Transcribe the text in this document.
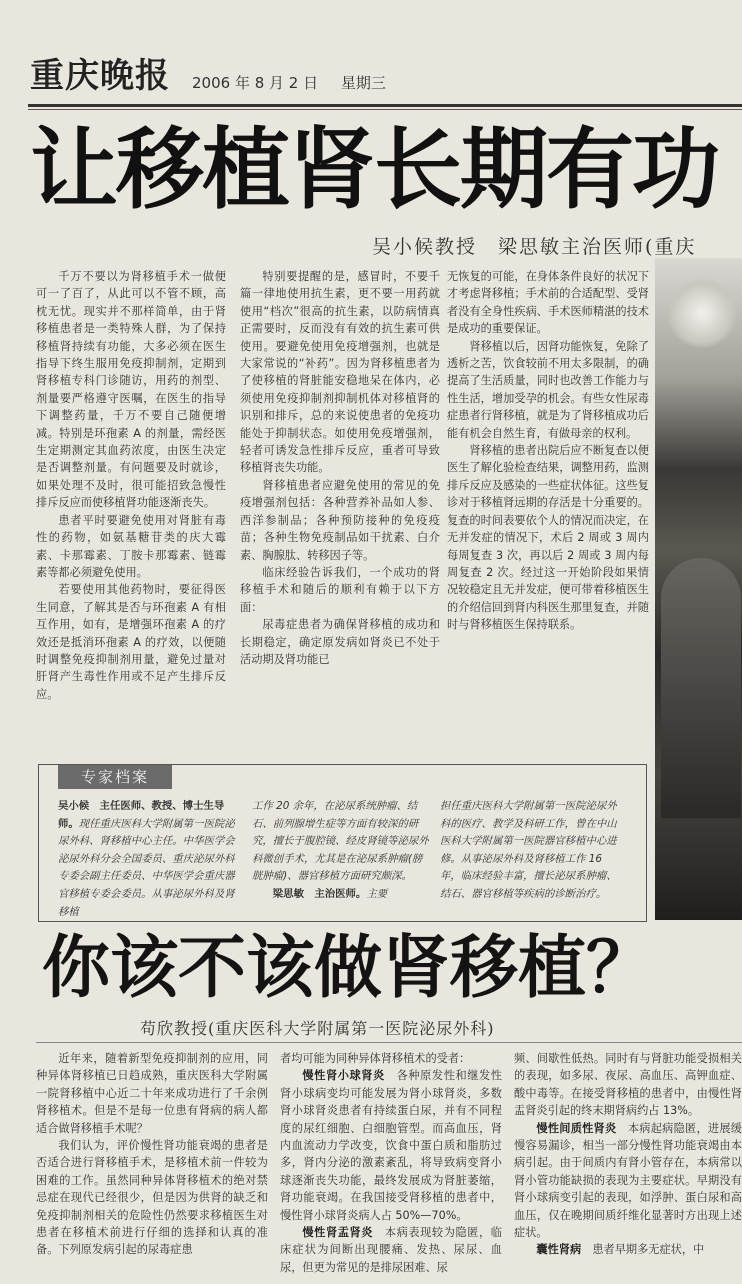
重庆晚报	2006 年 8 月 2 日 星期三
让移植肾长期有功
吴小候教授　梁思敏主治医师(重庆

千万不要以为肾移植手术一做便可一了百了，从此可以不管不顾，高枕无忧。现实并不那样简单，由于肾移植患者是一类特殊人群，为了保持移植肾持续有功能，大多必须在医生指导下终生服用免疫抑制剂，定期到肾移植专科门诊随访，用药的剂型、剂量要严格遵守医嘱，在医生的指导下调整药量，千万不要自己随便增减。特别是环孢素 A 的剂量，需经医生定期测定其血药浓度，由医生决定是否调整剂量。有问题要及时就诊，如果处理不及时，很可能招致急慢性排斥反应而使移植肾功能逐渐丧失。

患者平时要避免使用对肾脏有毒性的药物，如氨基糖苷类的庆大霉素、卡那霉素、丁胺卡那霉素、链霉素等都必须避免使用。

若要使用其他药物时，要征得医生同意，了解其是否与环孢素 A 有相互作用，如有，是增强环孢素 A 的疗效还是抵消环孢素 A 的疗效，以便随时调整免疫抑制剂用量，避免过量对肝肾产生毒性作用或不足产生排斥反应。

特别要提醒的是，感冒时，不要千篇一律地使用抗生素，更不要一用药就使用“档次”很高的抗生素，以防病情真正需要时，反而没有有效的抗生素可供使用。要避免使用免疫增强剂，也就是大家常说的“补药”。因为肾移植患者为了使移植的肾脏能安稳地呆在体内，必须使用免疫抑制剂抑制机体对移植肾的识别和排斥，总的来说使患者的免疫功能处于抑制状态。如使用免疫增强剂，轻者可诱发急性排斥反应，重者可导致移植肾丧失功能。

肾移植患者应避免使用的常见的免疫增强剂包括：各种营养补品如人参、西洋参制品；各种预防接种的免疫疫苗；各种生物免疫制品如干扰素、白介素、胸腺肽、转移因子等。

临床经验告诉我们，一个成功的肾移植手术和随后的顺利有赖于以下方面：

尿毒症患者为确保肾移植的成功和长期稳定，确定原发病如肾炎已不处于活动期及肾功能已

无恢复的可能，在身体条件良好的状况下才考虑肾移植；手术前的合适配型、受肾者没有全身性疾病、手术医师精湛的技术是成功的重要保证。

肾移植以后，因肾功能恢复，免除了透析之苦，饮食较前不用太多限制，的确提高了生活质量，同时也改善工作能力与性生活，增加受孕的机会。有些女性尿毒症患者行肾移植，就是为了肾移植成功后能有机会自然生育，有做母亲的权利。

肾移植的患者出院后应不断复查以便医生了解化验检查结果，调整用药，监测排斥反应及感染的一些症状体征。这些复诊对于移植肾远期的存活是十分重要的。复查的时间表要依个人的情况而决定，在无并发症的情况下，术后 2 周或 3 周内每周复查 3 次，再以后 2 周或 3 周内每周复查 2 次。经过这一开始阶段如果情况较稳定且无并发症，便可带着移植医生的介绍信回到肾内科医生那里复查，并随时与肾移植医生保持联系。

专家档案

吴小候　主任医师、教授、博士生导师。现任重庆医科大学附属第一医院泌尿外科、肾移植中心主任。中华医学会泌尿外科分会全国委员、重庆泌尿外科专委会副主任委员、中华医学会重庆器官移植专委会委员。从事泌尿外科及肾移植

工作 20 余年，在泌尿系统肿瘤、结石、前列腺增生症等方面有较深的研究，擅长于腹腔镜、经皮肾镜等泌尿外科微创手术，尤其是在泌尿系肿瘤(膀胱肿瘤)、器官移植方面研究颇深。

梁思敏　主治医师。主要

担任重庆医科大学附属第一医院泌尿外科的医疗、教学及科研工作，曾在中山医科大学附属第一医院器官移植中心进修。从事泌尿外科及肾移植工作 16 年，临床经验丰富，擅长泌尿系肿瘤、结石、器官移植等疾病的诊断治疗。

你该不该做肾移植？
苟欣教授(重庆医科大学附属第一医院泌尿外科)

近年来，随着新型免疫抑制剂的应用，同种异体肾移植已日趋成熟，重庆医科大学附属一院肾移植中心近二十年来成功进行了千余例肾移植术。但是不是每一位患有肾病的病人都适合做肾移植手术呢？

我们认为，评价慢性肾功能衰竭的患者是否适合进行肾移植手术，是移植术前一件较为困难的工作。虽然同种异体肾移植术的绝对禁忌症在现代已经很少，但是因为供肾的缺乏和免疫抑制剂相关的危险性仍然要求移植医生对患者在移植术前进行仔细的选择和认真的准备。下列原发病引起的尿毒症患

者均可能为同种异体肾移植术的受者：

慢性肾小球肾炎　 各种原发性和继发性肾小球病变均可能发展为肾小球肾炎，多数肾小球肾炎患者有持续蛋白尿，并有不同程度的尿红细胞、白细胞管型。而高血压，肾内血流动力学改变，饮食中蛋白质和脂肪过多，肾内分泌的激素紊乱，将导致病变肾小球逐渐丧失功能，最终发展成为肾脏萎缩，肾功能衰竭。在我国接受肾移植的患者中，慢性肾小球肾炎病人占 50%—70%。

慢性肾盂肾炎　 本病表现较为隐匿，临床症状为间断出现腰痛、发热、尿尿、血尿，但更为常见的是排尿困难、尿

频、间歇性低热。同时有与肾脏功能受损相关的表现，如多尿、夜尿、高血压、高钾血症、酸中毒等。在接受肾移植的患者中，由慢性肾盂肾炎引起的终末期肾病约占 13%。

慢性间质性肾炎　 本病起病隐匿，进展缓慢容易漏诊，相当一部分慢性肾功能衰竭由本病引起。由于间质内有肾小管存在，本病常以肾小管功能缺损的表现为主要症状。早期没有肾小球病变引起的表现，如浮肿、蛋白尿和高血压，仅在晚期间质纤维化显著时方出现上述症状。

囊性肾病　 患者早期多无症状，中
